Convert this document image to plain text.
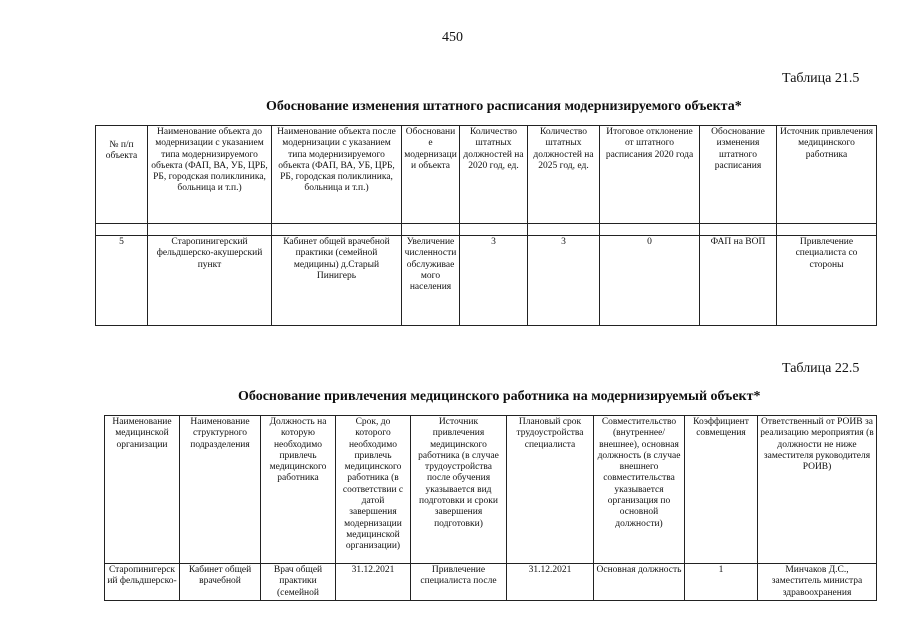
450
Таблица 21.5
Обоснование изменения штатного расписания модернизируемого объекта*
№ п/п объекта	Наименование объекта до модернизации с указанием типа модернизируемого объекта (ФАП, ВА, УБ, ЦРБ, РБ, городская поликлиника, больница и т.п.)	Наименование объекта после модернизации с указанием типа модернизируемого объекта (ФАП, ВА, УБ, ЦРБ, РБ, городская поликлиника, больница и т.п.)	Обоснование модернизации объекта	Количество штатных должностей на 2020 год, ед.	Количество штатных должностей на 2025 год, ед.	Итоговое отклонение от штатного расписания 2020 года	Обоснование изменения штатного расписания	Источник привлечения медицинского работника

5	Старопинигерский фельдшерско-акушерский пункт	Кабинет общей врачебной практики (семейной медицины) д.Старый Пинигерь	Увеличение численности обслуживаемого населения	3	3	0	ФАП на ВОП	Привлечение специалиста со стороны
Таблица 22.5
Обоснование привлечения медицинского работника на модернизируемый объект*
Наименование медицинской организации	Наименование структурного подразделения	Должность на которую необходимо привлечь медицинского работника	Срок, до которого необходимо привлечь медицинского работника (в соответствии с датой завершения модернизации медицинской организации)	Источник привлечения медицинского работника (в случае трудоустройства после обучения указывается вид подготовки и сроки завершения подготовки)	Плановый срок трудоустройства специалиста	Совместительство (внутреннее/внешнее), основная должность (в случае внешнего совместительства указывается организация по основной должности)	Коэффициент совмещения	Ответственный от РОИВ за реализацию мероприятия (в должности не ниже заместителя руководителя РОИВ)
Старопинигерский фельдшерско-	Кабинет общей врачебной	Врач общей практики (семейной	31.12.2021	Привлечение специалиста после	31.12.2021	Основная должность	1	Минчаков Д.С., заместитель министра здравоохранения
